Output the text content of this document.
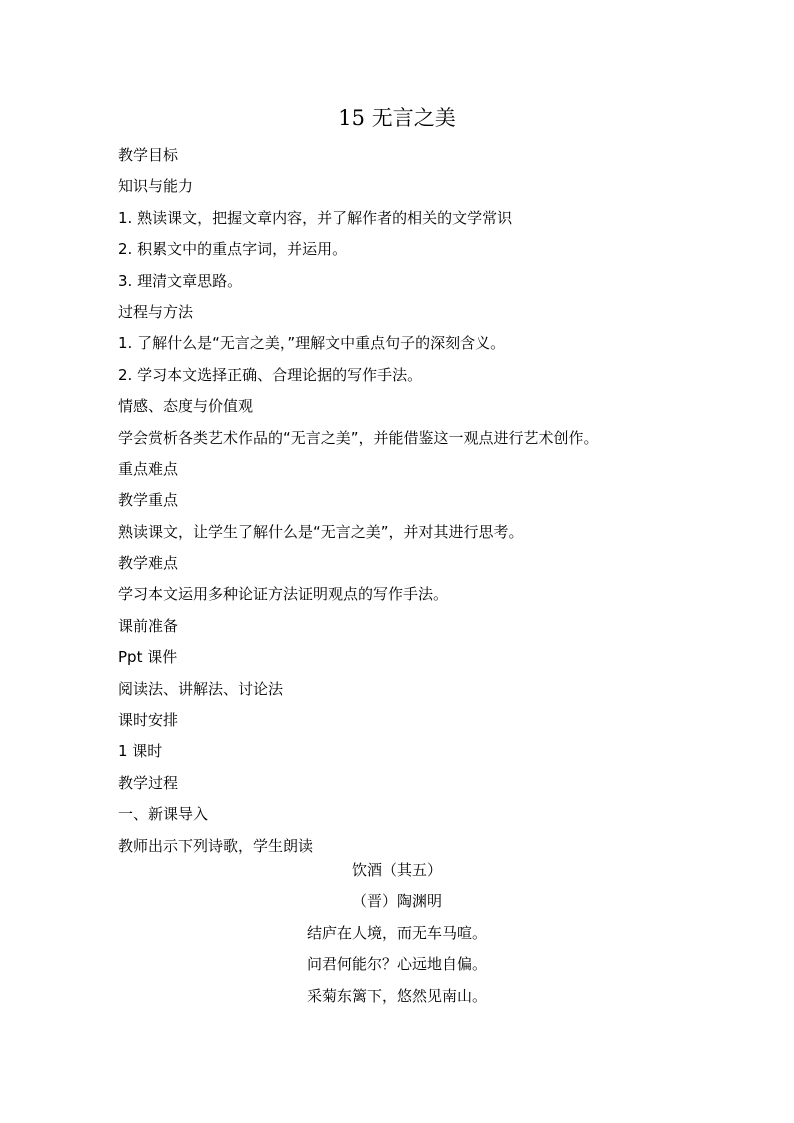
15 无言之美
教学目标
知识与能力
1. 熟读课文，把握文章内容，并了解作者的相关的文学常识
2. 积累文中的重点字词，并运用。
3. 理清文章思路。
过程与方法
1. 了解什么是“无言之美，”理解文中重点句子的深刻含义。
2. 学习本文选择正确、合理论据的写作手法。
情感、态度与价值观
学会赏析各类艺术作品的“无言之美”，并能借鉴这一观点进行艺术创作。
重点难点
教学重点
熟读课文，让学生了解什么是“无言之美”，并对其进行思考。
教学难点
学习本文运用多种论证方法证明观点的写作手法。
课前准备
Ppt 课件
阅读法、讲解法、讨论法
课时安排
1 课时
教学过程
一、新课导入
教师出示下列诗歌，学生朗读
饮酒（其五）
（晋）陶渊明
结庐在人境，而无车马喧。
问君何能尔？心远地自偏。
采菊东篱下，悠然见南山。
